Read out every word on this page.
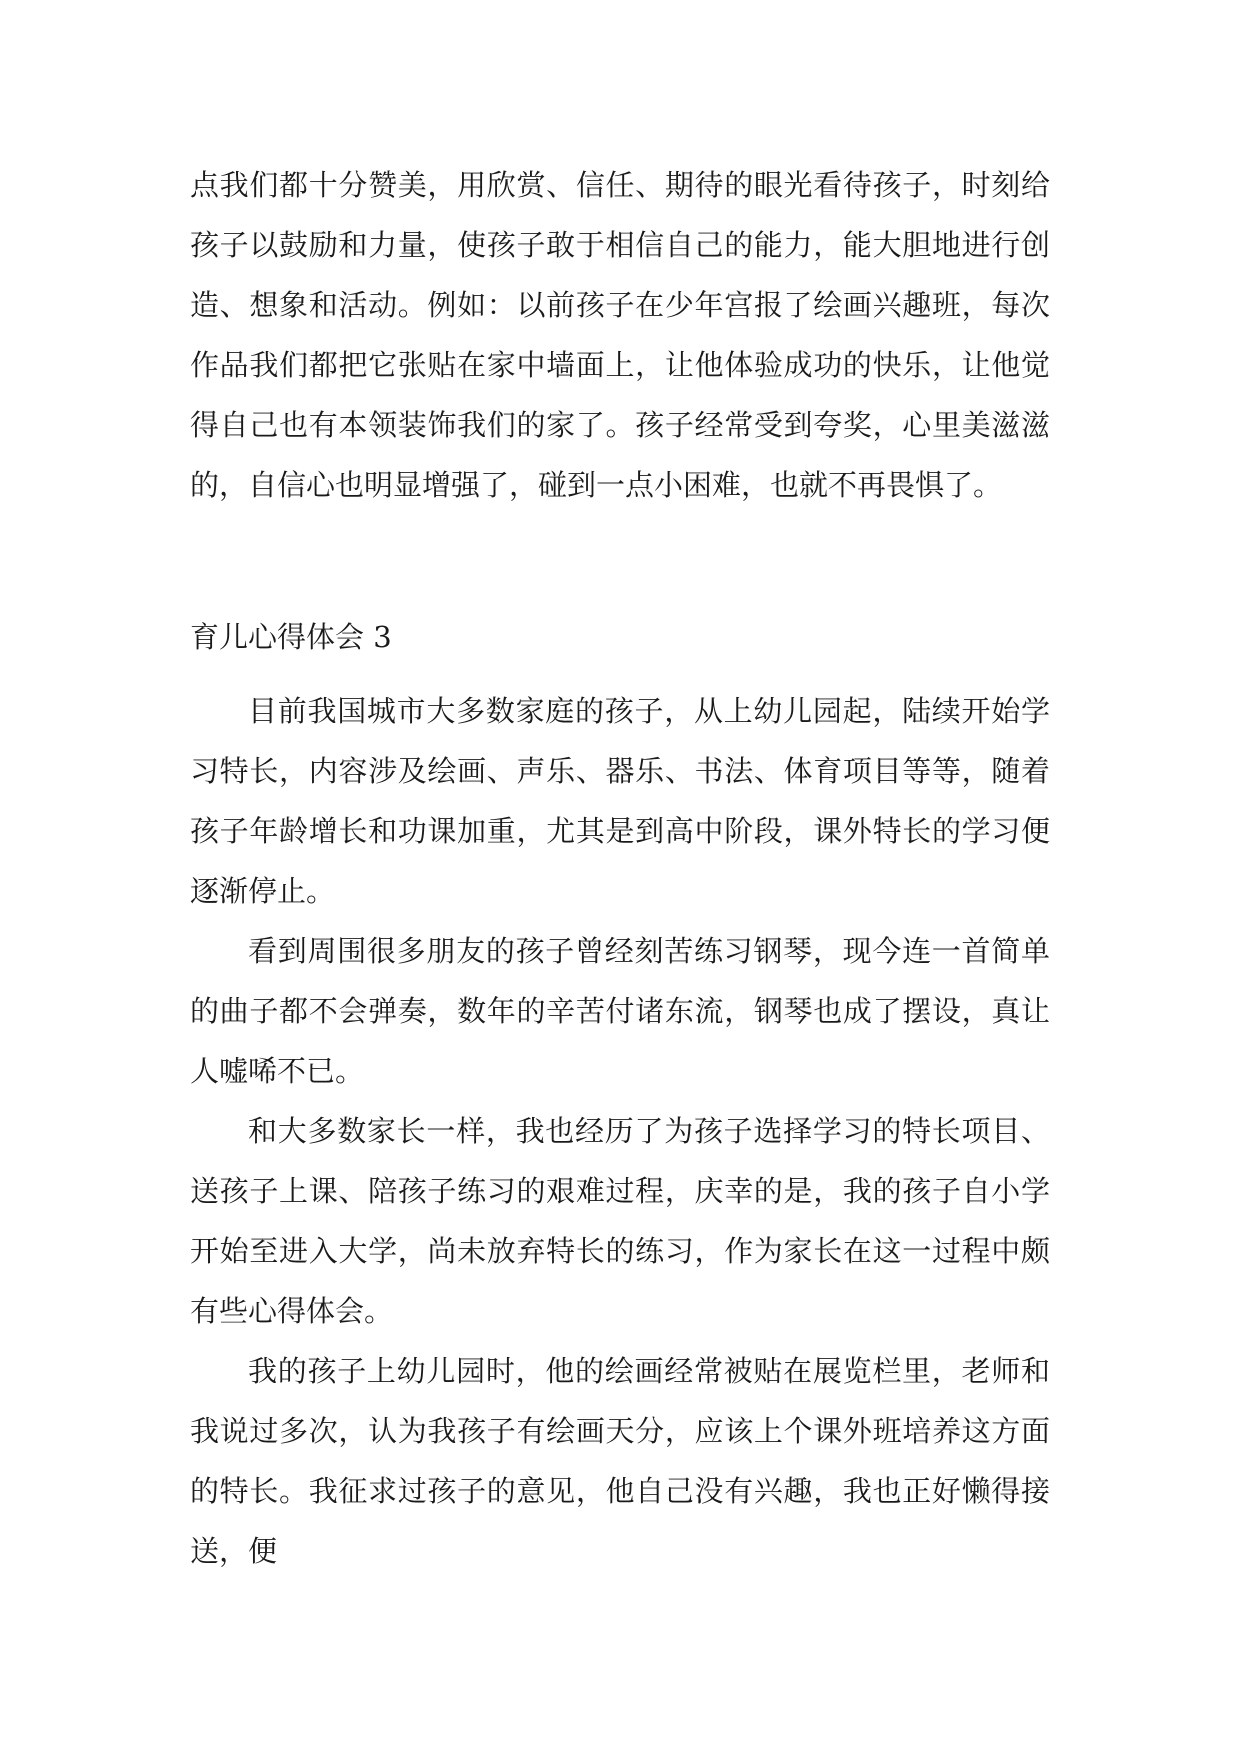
点我们都十分赞美，用欣赏、信任、期待的眼光看待孩子，时刻给孩子以鼓励和力量，使孩子敢于相信自己的能力，能大胆地进行创造、想象和活动。例如：以前孩子在少年宫报了绘画兴趣班，每次作品我们都把它张贴在家中墙面上，让他体验成功的快乐，让他觉得自己也有本领装饰我们的家了。孩子经常受到夸奖，心里美滋滋的，自信心也明显增强了，碰到一点小困难，也就不再畏惧了。

育儿心得体会 3

目前我国城市大多数家庭的孩子，从上幼儿园起，陆续开始学习特长，内容涉及绘画、声乐、器乐、书法、体育项目等等，随着孩子年龄增长和功课加重，尤其是到高中阶段，课外特长的学习便逐渐停止。

看到周围很多朋友的孩子曾经刻苦练习钢琴，现今连一首简单的曲子都不会弹奏，数年的辛苦付诸东流，钢琴也成了摆设，真让人嘘唏不已。

和大多数家长一样，我也经历了为孩子选择学习的特长项目、送孩子上课、陪孩子练习的艰难过程，庆幸的是，我的孩子自小学开始至进入大学，尚未放弃特长的练习，作为家长在这一过程中颇有些心得体会。

我的孩子上幼儿园时，他的绘画经常被贴在展览栏里，老师和我说过多次，认为我孩子有绘画天分，应该上个课外班培养这方面的特长。我征求过孩子的意见，他自己没有兴趣，我也正好懒得接送，便
